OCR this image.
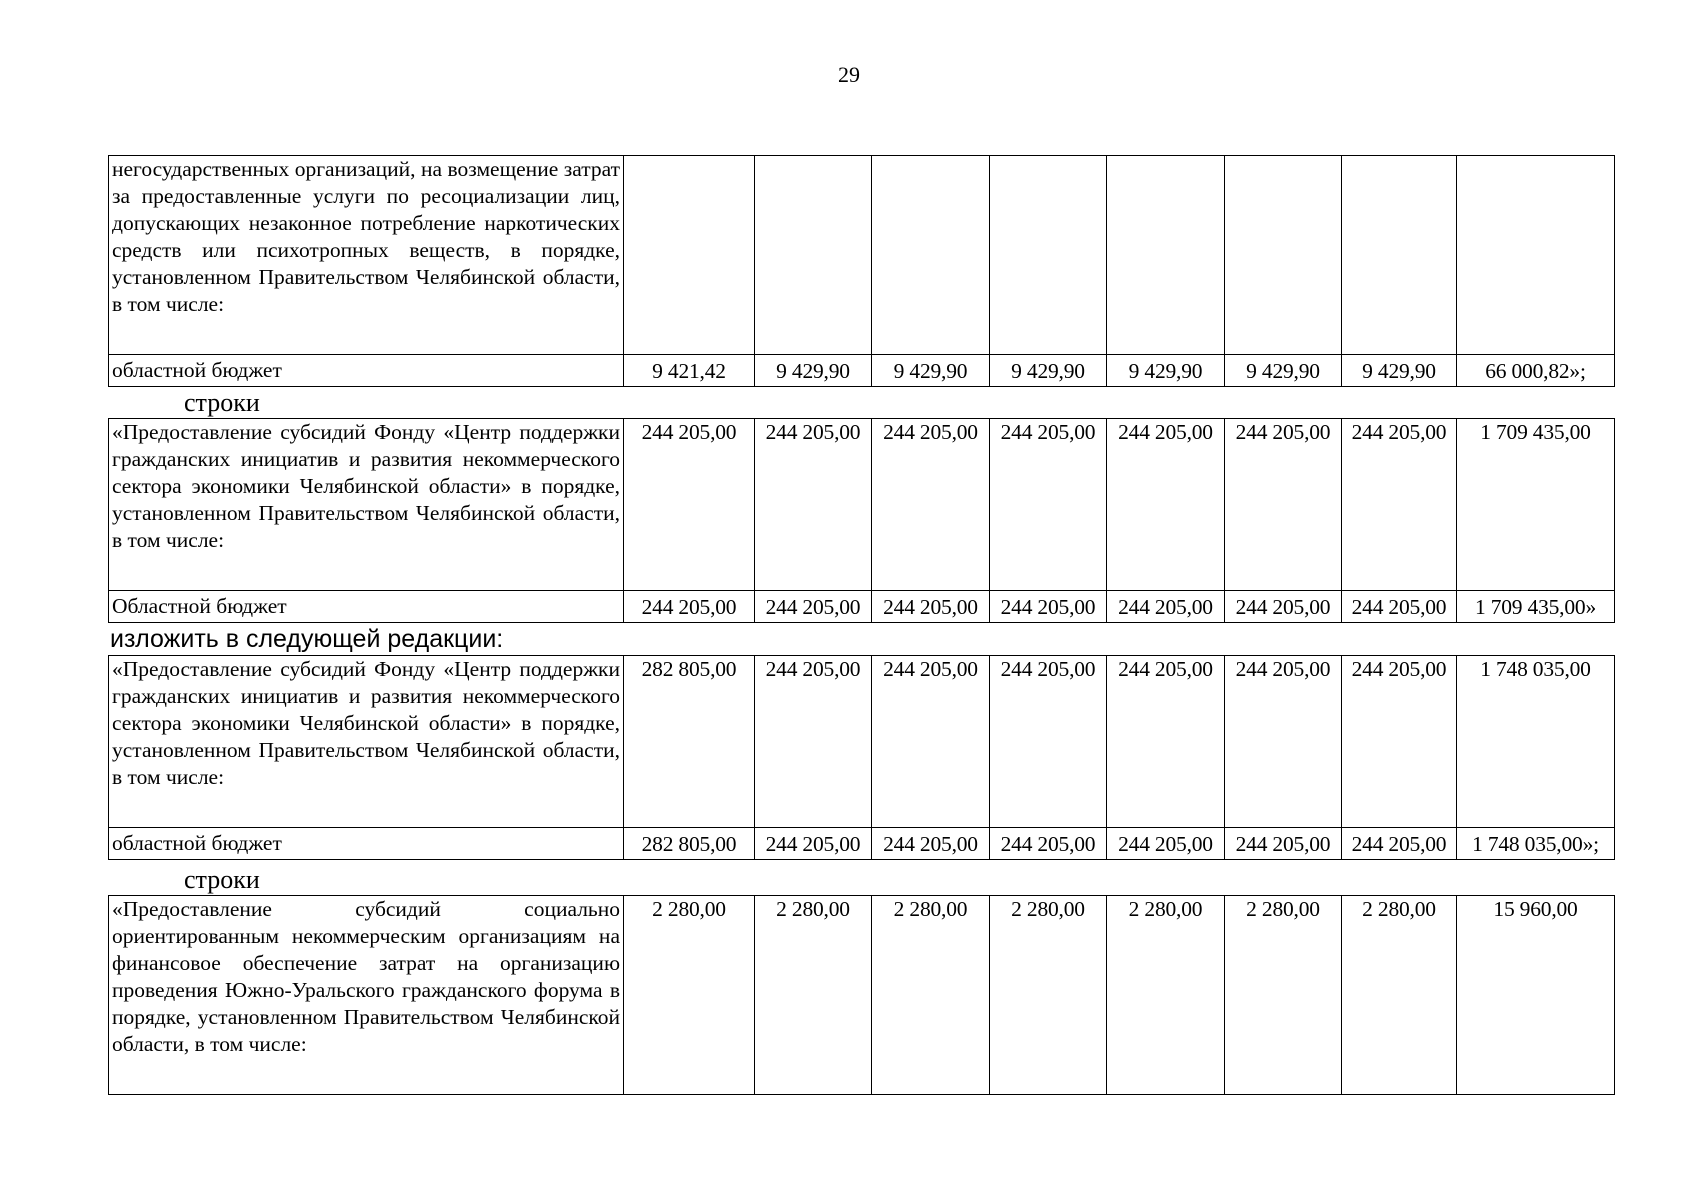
29
негосударственных организаций, на возмещение затрат за предоставленные услуги по ресоциализации лиц, допускающих незаконное потребление наркотических средств или психотропных веществ, в порядке, установленном Правительством Челябинской области, в том числе:								
областной бюджет	9 421,42	9 429,90	9 429,90	9 429,90	9 429,90	9 429,90	9 429,90	66 000,82»;
строки
«Предоставление субсидий Фонду «Центр поддержки гражданских инициатив и развития некоммерческого сектора экономики Челябинской области» в порядке, установленном Правительством Челябинской области, в том числе:	244 205,00	244 205,00	244 205,00	244 205,00	244 205,00	244 205,00	244 205,00	1 709 435,00
Областной бюджет	244 205,00	244 205,00	244 205,00	244 205,00	244 205,00	244 205,00	244 205,00	1 709 435,00»
изложить в следующей редакции:
«Предоставление субсидий Фонду «Центр поддержки гражданских инициатив и развития некоммерческого сектора экономики Челябинской области» в порядке, установленном Правительством Челябинской области, в том числе:	282 805,00	244 205,00	244 205,00	244 205,00	244 205,00	244 205,00	244 205,00	1 748 035,00
областной бюджет	282 805,00	244 205,00	244 205,00	244 205,00	244 205,00	244 205,00	244 205,00	1 748 035,00»;
строки
«Предоставление субсидий социально ориентированным некоммерческим организациям на финансовое обеспечение затрат на организацию проведения Южно-Уральского гражданского форума в порядке, установленном Правительством Челябинской области, в том числе:	2 280,00	2 280,00	2 280,00	2 280,00	2 280,00	2 280,00	2 280,00	15 960,00
